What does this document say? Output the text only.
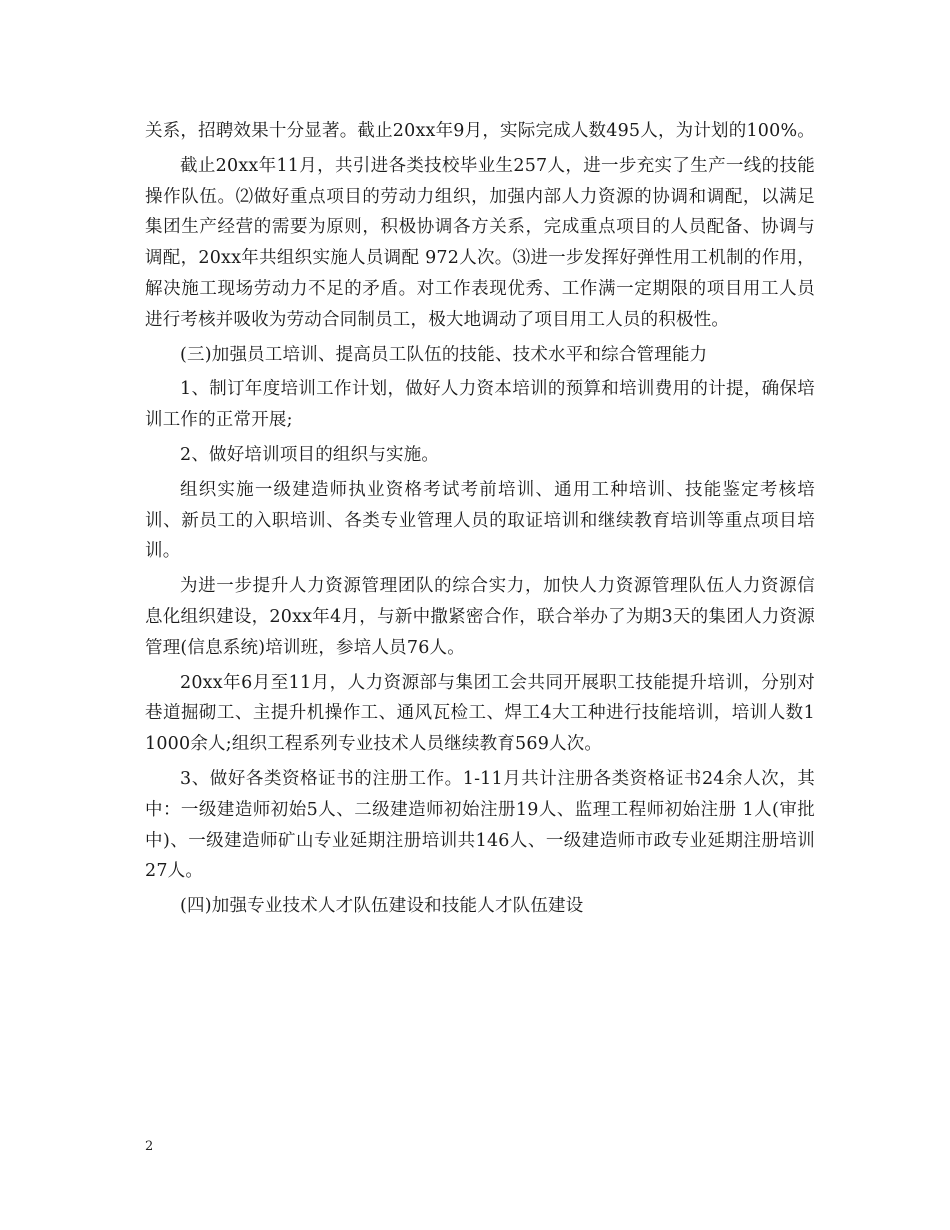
关系，招聘效果十分显著。截止20xx年9月，实际完成人数495人，为计划的100%。

截止20xx年11月，共引进各类技校毕业生257人，进一步充实了生产一线的技能操作队伍。⑵做好重点项目的劳动力组织，加强内部人力资源的协调和调配，以满足集团生产经营的需要为原则，积极协调各方关系，完成重点项目的人员配备、协调与调配，20xx年共组织实施人员调配 972人次。⑶进一步发挥好弹性用工机制的作用，解决施工现场劳动力不足的矛盾。对工作表现优秀、工作满一定期限的项目用工人员进行考核并吸收为劳动合同制员工，极大地调动了项目用工人员的积极性。

(三)加强员工培训、提高员工队伍的技能、技术水平和综合管理能力

1、制订年度培训工作计划，做好人力资本培训的预算和培训费用的计提，确保培训工作的正常开展;

2、做好培训项目的组织与实施。

组织实施一级建造师执业资格考试考前培训、通用工种培训、技能鉴定考核培训、新员工的入职培训、各类专业管理人员的取证培训和继续教育培训等重点项目培训。

为进一步提升人力资源管理团队的综合实力，加快人力资源管理队伍人力资源信息化组织建设，20xx年4月，与新中撒紧密合作，联合举办了为期3天的集团人力资源管理(信息系统)培训班，参培人员76人。

20xx年6月至11月，人力资源部与集团工会共同开展职工技能提升培训，分别对巷道掘砌工、主提升机操作工、通风瓦检工、焊工4大工种进行技能培训，培训人数11000余人;组织工程系列专业技术人员继续教育569人次。

3、做好各类资格证书的注册工作。1-11月共计注册各类资格证书24余人次，其中：一级建造师初始5人、二级建造师初始注册19人、监理工程师初始注册 1人(审批中)、一级建造师矿山专业延期注册培训共146人、一级建造师市政专业延期注册培训27人。

(四)加强专业技术人才队伍建设和技能人才队伍建设

2
